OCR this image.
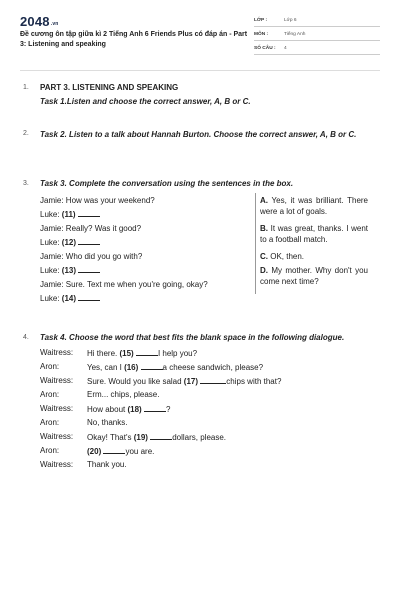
$2048_{.vn}$
Đề cương ôn tập giữa kì 2 Tiếng Anh 6 Friends Plus có đáp án - Part 3: Listening and speaking
LỚP :	Lớp 6
MÔN :	Tiếng Anh
SỐ CÂU : 4
1. PART 3. LISTENING AND SPEAKING
Task 1.Listen and choose the correct answer, A, B or C.
2. Task 2. Listen to a talk about Hannah Burton. Choose the correct answer, A, B or C.
3. Task 3. Complete the conversation using the sentences in the box.
Jamie: How was your weekend?
Luke: (11)
Jamie: Really? Was it good?
Luke: (12)
Jamie: Who did you go with?
Luke: (13)
Jamie: Sure. Text me when you're going, okay?
Luke: (14)
A. Yes, it was brilliant. There were a lot of goals.
B. It was great, thanks. I went to a football match.
C. OK, then.
D. My mother. Why don't you come next time?
4. Task 4. Choose the word that best fits the blank space in the following dialogue.
Waitress: Hi there. (15)	I help you?
Aron:	Yes, can I (16)	a cheese sandwich, please?
Waitress: Sure. Would you like salad (17)	chips with that?
Aron:	Erm... chips, please.
Waitress: How about (18)	?
Aron:	No, thanks.
Waitress: Okay! That's (19)	dollars, please.
Aron:	(20)	you are.
Waitress: Thank you.
